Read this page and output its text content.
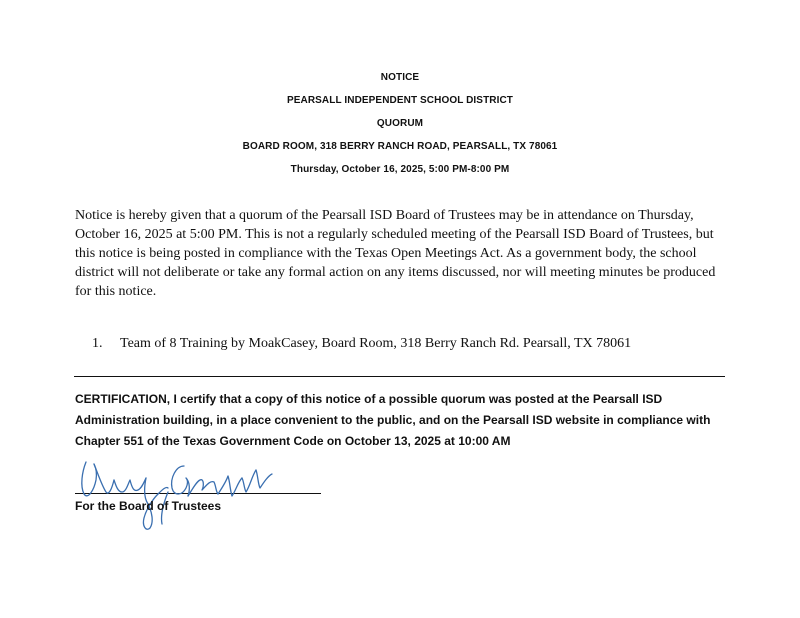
NOTICE
PEARSALL INDEPENDENT SCHOOL DISTRICT
QUORUM
BOARD ROOM, 318 BERRY RANCH ROAD, PEARSALL, TX 78061
Thursday, October 16, 2025, 5:00 PM-8:00 PM
Notice is hereby given that a quorum of the Pearsall ISD Board of Trustees may be in attendance on Thursday, October 16, 2025 at 5:00 PM. This is not a regularly scheduled meeting of the Pearsall ISD Board of Trustees, but this notice is being posted in compliance with the Texas Open Meetings Act. As a government body, the school district will not deliberate or take any formal action on any items discussed, nor will meeting minutes be produced for this notice.
1. Team of 8 Training by MoakCasey, Board Room, 318 Berry Ranch Rd. Pearsall, TX 78061
CERTIFICATION, I certify that a copy of this notice of a possible quorum was posted at the Pearsall ISD Administration building, in a place convenient to the public, and on the Pearsall ISD website in compliance with Chapter 551 of the Texas Government Code on October 13, 2025 at 10:00 AM
For the Board of Trustees
